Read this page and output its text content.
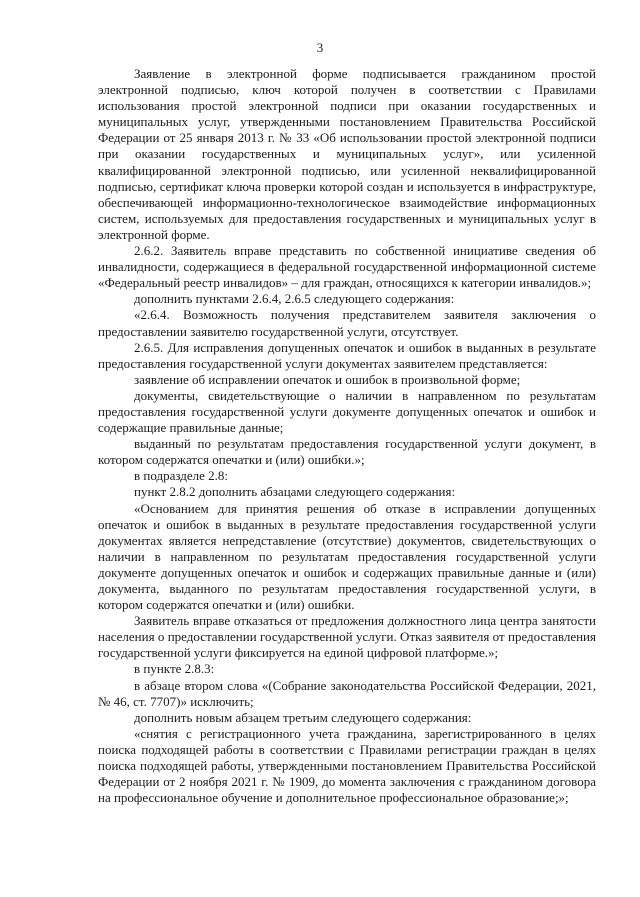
3

Заявление в электронной форме подписывается гражданином простой электронной подписью, ключ которой получен в соответствии с Правилами использования простой электронной подписи при оказании государственных и муниципальных услуг, утвержденными постановлением Правительства Российской Федерации от 25 января 2013 г. № 33 «Об использовании простой электронной подписи при оказании государственных и муниципальных услуг», или усиленной квалифицированной электронной подписью, или усиленной неквалифицированной подписью, сертификат ключа проверки которой создан и используется в инфраструктуре, обеспечивающей информационно-технологическое взаимодействие информационных систем, используемых для предоставления государственных и муниципальных услуг в электронной форме.

2.6.2. Заявитель вправе представить по собственной инициативе сведения об инвалидности, содержащиеся в федеральной государственной информационной системе «Федеральный реестр инвалидов» – для граждан, относящихся к категории инвалидов.»;

дополнить пунктами 2.6.4, 2.6.5 следующего содержания:

«2.6.4. Возможность получения представителем заявителя заключения о предоставлении заявителю государственной услуги, отсутствует.

2.6.5. Для исправления допущенных опечаток и ошибок в выданных в результате предоставления государственной услуги документах заявителем представляется:

заявление об исправлении опечаток и ошибок в произвольной форме;

документы, свидетельствующие о наличии в направленном по результатам предоставления государственной услуги документе допущенных опечаток и ошибок и содержащие правильные данные;

выданный по результатам предоставления государственной услуги документ, в котором содержатся опечатки и (или) ошибки.»;

в подразделе 2.8:

пункт 2.8.2 дополнить абзацами следующего содержания:

«Основанием для принятия решения об отказе в исправлении допущенных опечаток и ошибок в выданных в результате предоставления государственной услуги документах является непредставление (отсутствие) документов, свидетельствующих о наличии в направленном по результатам предоставления государственной услуги документе допущенных опечаток и ошибок и содержащих правильные данные и (или) документа, выданного по результатам предоставления государственной услуги, в котором содержатся опечатки и (или) ошибки.

Заявитель вправе отказаться от предложения должностного лица центра занятости населения о предоставлении государственной услуги. Отказ заявителя от предоставления государственной услуги фиксируется на единой цифровой платформе.»;

в пункте 2.8.3:

в абзаце втором слова «(Собрание законодательства Российской Федерации, 2021, № 46, ст. 7707)» исключить;

дополнить новым абзацем третьим следующего содержания:

«снятия с регистрационного учета гражданина, зарегистрированного в целях поиска подходящей работы в соответствии с Правилами регистрации граждан в целях поиска подходящей работы, утвержденными постановлением Правительства Российской Федерации от 2 ноября 2021 г. № 1909, до момента заключения с гражданином договора на профессиональное обучение и дополнительное профессиональное образование;»;
